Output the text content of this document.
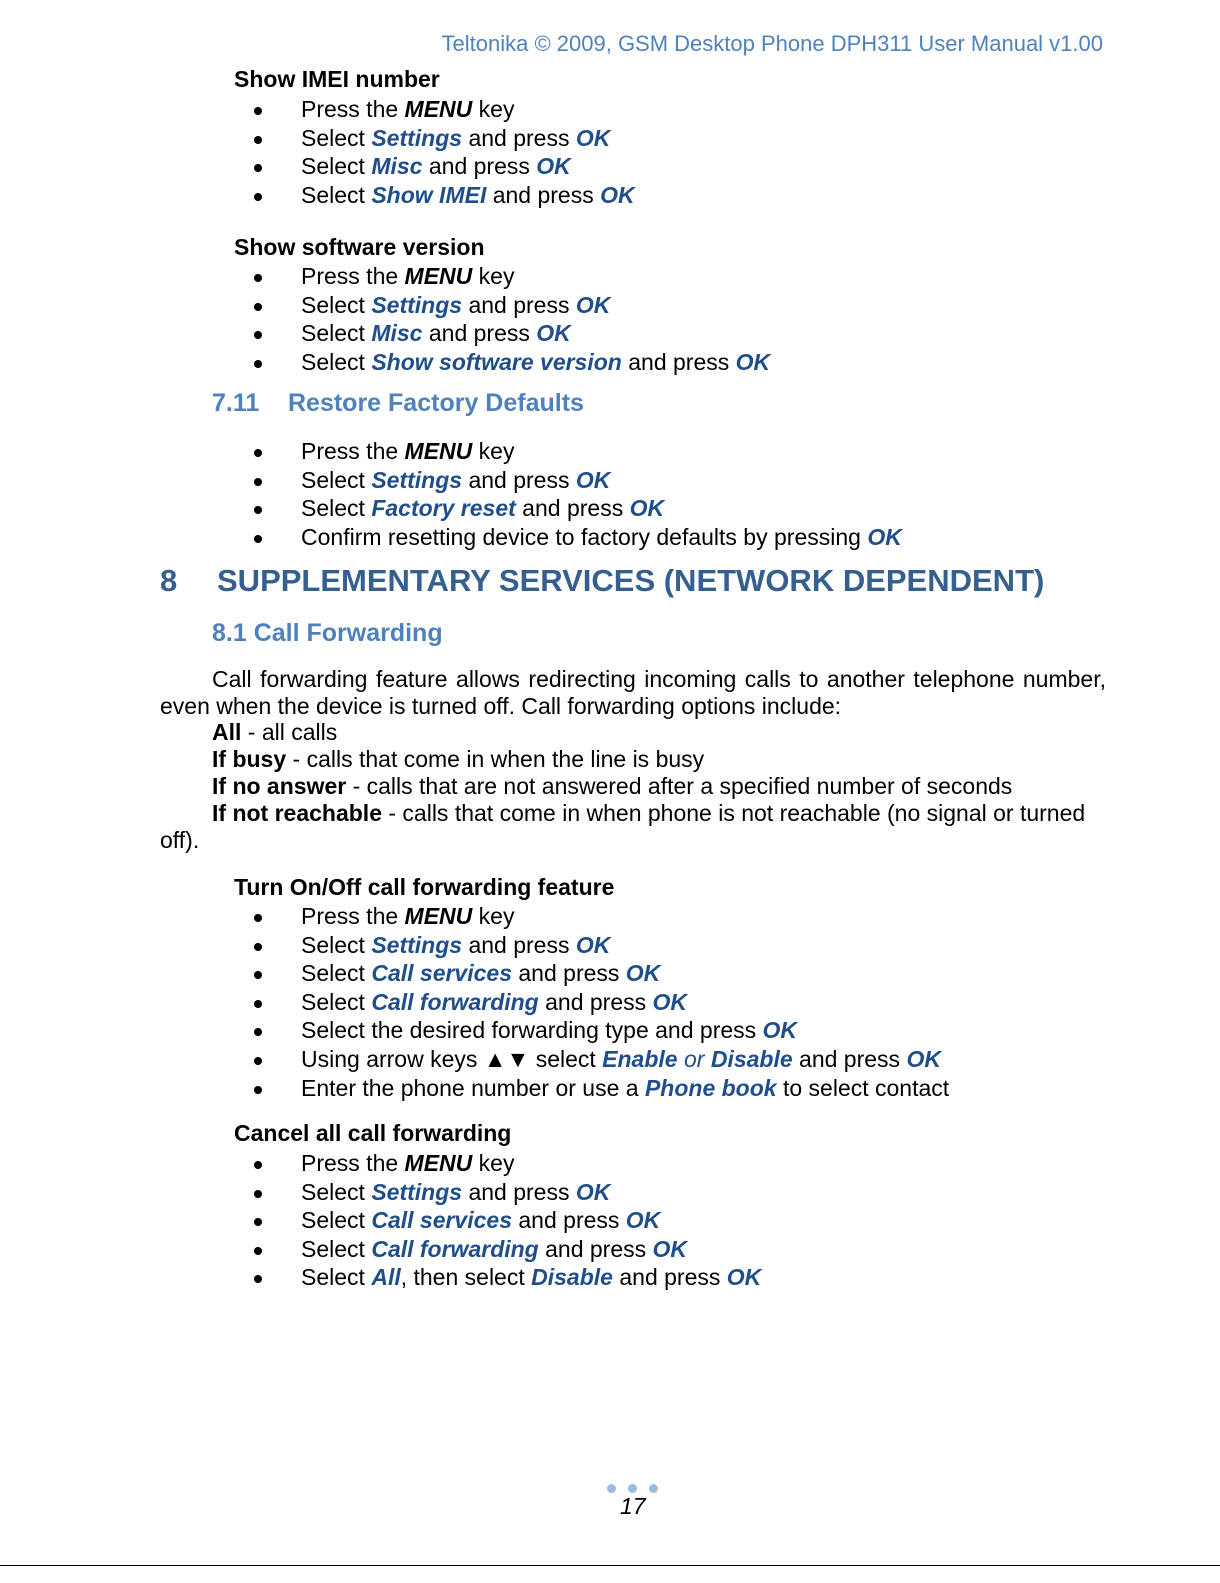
Teltonika © 2009, GSM Desktop Phone DPH311 User Manual v1.00
Show IMEI number
Press the MENU key
Select Settings and press OK
Select Misc and press OK
Select Show IMEI and press OK
Show software version
Press the MENU key
Select Settings and press OK
Select Misc and press OK
Select Show software version and press OK
7.11 Restore Factory Defaults
Press the MENU key
Select Settings and press OK
Select Factory reset and press OK
Confirm resetting device to factory defaults by pressing OK
8 SUPPLEMENTARY SERVICES (NETWORK DEPENDENT)
8.1 Call Forwarding
Call forwarding feature allows redirecting incoming calls to another telephone number, even when the device is turned off. Call forwarding options include:
All - all calls
If busy - calls that come in when the line is busy
If no answer - calls that are not answered after a specified number of seconds
If not reachable - calls that come in when phone is not reachable (no signal or turned
off).
Turn On/Off call forwarding feature
Press the MENU key
Select Settings and press OK
Select Call services and press OK
Select Call forwarding and press OK
Select the desired forwarding type and press OK
Using arrow keys ▲▼ select Enable or Disable and press OK
Enter the phone number or use a Phone book to select contact
Cancel all call forwarding
Press the MENU key
Select Settings and press OK
Select Call services and press OK
Select Call forwarding and press OK
Select All, then select Disable and press OK
17
